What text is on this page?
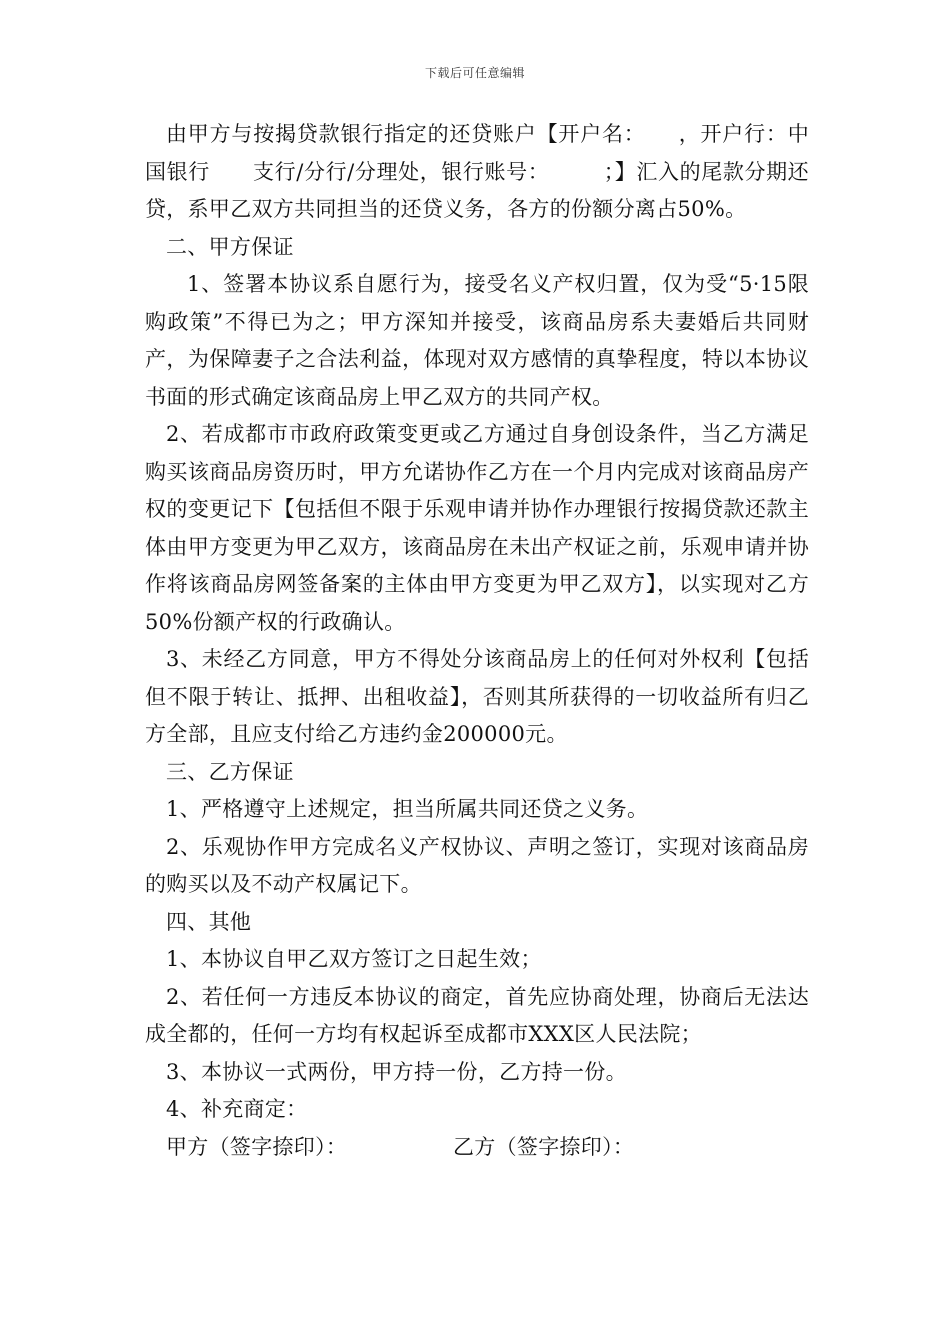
下载后可任意编辑

由甲方与按揭贷款银行指定的还贷账户【开户名：　　，开户行：中国银行　　支行/分行/分理处，银行账号：　　　；】汇入的尾款分期还贷，系甲乙双方共同担当的还贷义务，各方的份额分离占50%。

二、甲方保证

1、签署本协议系自愿行为，接受名义产权归置，仅为受“5·15限购政策”不得已为之；甲方深知并接受，该商品房系夫妻婚后共同财产，为保障妻子之合法利益，体现对双方感情的真挚程度，特以本协议书面的形式确定该商品房上甲乙双方的共同产权。

2、若成都市市政府政策变更或乙方通过自身创设条件，当乙方满足购买该商品房资历时，甲方允诺协作乙方在一个月内完成对该商品房产权的变更记下【包括但不限于乐观申请并协作办理银行按揭贷款还款主体由甲方变更为甲乙双方，该商品房在未出产权证之前，乐观申请并协作将该商品房网签备案的主体由甲方变更为甲乙双方】，以实现对乙方50%份额产权的行政确认。

3、未经乙方同意，甲方不得处分该商品房上的任何对外权利【包括但不限于转让、抵押、出租收益】，否则其所获得的一切收益所有归乙方全部，且应支付给乙方违约金200000元。

三、乙方保证

1、严格遵守上述规定，担当所属共同还贷之义务。

2、乐观协作甲方完成名义产权协议、声明之签订，实现对该商品房的购买以及不动产权属记下。

四、其他

1、本协议自甲乙双方签订之日起生效；

2、若任何一方违反本协议的商定，首先应协商处理，协商后无法达成全都的，任何一方均有权起诉至成都市XXX区人民法院；

3、本协议一式两份，甲方持一份，乙方持一份。

4、补充商定：

甲方（签字捺印）：	乙方（签字捺印）：
